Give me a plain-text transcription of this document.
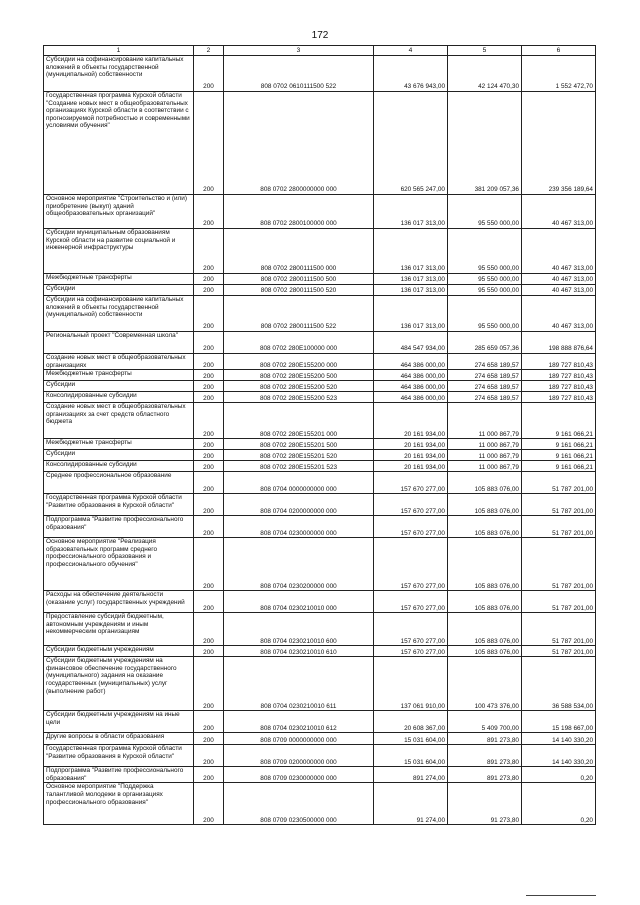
172
1	2	3	4	5	6
Субсидии на софинансирование капитальных вложений в объекты государственной (муниципальной) собственности	200	808 0702 0610111500 522	43 676 943,00	42 124 470,30	1 552 472,70
Государственная программа Курской области "Создание новых мест в общеобразовательных организациях Курской области в соответствии с прогнозируемой потребностью и современными условиями обучения"	200	808 0702 2800000000 000	620 565 247,00	381 209 057,36	239 356 189,64
Основное мероприятие "Строительство и (или) приобретение (выкуп) зданий общеобразовательных организаций"	200	808 0702 2800100000 000	136 017 313,00	95 550 000,00	40 467 313,00
Субсидии муниципальным образованиям Курской области на развитие социальной и инженерной инфраструктуры	200	808 0702 2800111500 000	136 017 313,00	95 550 000,00	40 467 313,00
Межбюджетные трансферты	200	808 0702 2800111500 500	136 017 313,00	95 550 000,00	40 467 313,00
Субсидии	200	808 0702 2800111500 520	136 017 313,00	95 550 000,00	40 467 313,00
Субсидии на софинансирование капитальных вложений в объекты государственной (муниципальной) собственности	200	808 0702 2800111500 522	136 017 313,00	95 550 000,00	40 467 313,00
Региональный проект "Современная школа"	200	808 0702 280E100000 000	484 547 934,00	285 659 057,36	198 888 876,64
Создание новых мест в общеобразовательных организациях	200	808 0702 280E155200 000	464 386 000,00	274 658 189,57	189 727 810,43
Межбюджетные трансферты	200	808 0702 280E155200 500	464 386 000,00	274 658 189,57	189 727 810,43
Субсидии	200	808 0702 280E155200 520	464 386 000,00	274 658 189,57	189 727 810,43
Консолидированные субсидии	200	808 0702 280E155200 523	464 386 000,00	274 658 189,57	189 727 810,43
Создание новых мест в общеобразовательных организациях за счет средств областного бюджета	200	808 0702 280E155201 000	20 161 934,00	11 000 867,79	9 161 066,21
Межбюджетные трансферты	200	808 0702 280E155201 500	20 161 934,00	11 000 867,79	9 161 066,21
Субсидии	200	808 0702 280E155201 520	20 161 934,00	11 000 867,79	9 161 066,21
Консолидированные субсидии	200	808 0702 280E155201 523	20 161 934,00	11 000 867,79	9 161 066,21
Среднее профессиональное образование	200	808 0704 0000000000 000	157 670 277,00	105 883 076,00	51 787 201,00
Государственная программа Курской области "Развитие образования в Курской области"	200	808 0704 0200000000 000	157 670 277,00	105 883 076,00	51 787 201,00
Подпрограмма "Развитие профессионального образования"	200	808 0704 0230000000 000	157 670 277,00	105 883 076,00	51 787 201,00
Основное мероприятие "Реализация образовательных программ среднего профессионального образования и профессионального обучения"	200	808 0704 0230200000 000	157 670 277,00	105 883 076,00	51 787 201,00
Расходы на обеспечение деятельности (оказание услуг) государственных учреждений	200	808 0704 0230210010 000	157 670 277,00	105 883 076,00	51 787 201,00
Предоставление субсидий бюджетным, автономным учреждениям и иным некоммерческим организациям	200	808 0704 0230210010 600	157 670 277,00	105 883 076,00	51 787 201,00
Субсидии бюджетным учреждениям	200	808 0704 0230210010 610	157 670 277,00	105 883 076,00	51 787 201,00
Субсидии бюджетным учреждениям на финансовое обеспечение государственного (муниципального) задания на оказание государственных (муниципальных) услуг (выполнение работ)	200	808 0704 0230210010 611	137 061 910,00	100 473 376,00	36 588 534,00
Субсидии бюджетным учреждениям на иные цели	200	808 0704 0230210010 612	20 608 367,00	5 409 700,00	15 198 667,00
Другие вопросы в области образования	200	808 0709 0000000000 000	15 031 604,00	891 273,80	14 140 330,20
Государственная программа Курской области "Развитие образования в Курской области"	200	808 0709 0200000000 000	15 031 604,00	891 273,80	14 140 330,20
Подпрограмма "Развитие профессионального образования"	200	808 0709 0230000000 000	891 274,00	891 273,80	0,20
Основное мероприятие "Поддержка талантливой молодежи в организациях профессионального образования"	200	808 0709 0230500000 000	91 274,00	91 273,80	0,20
